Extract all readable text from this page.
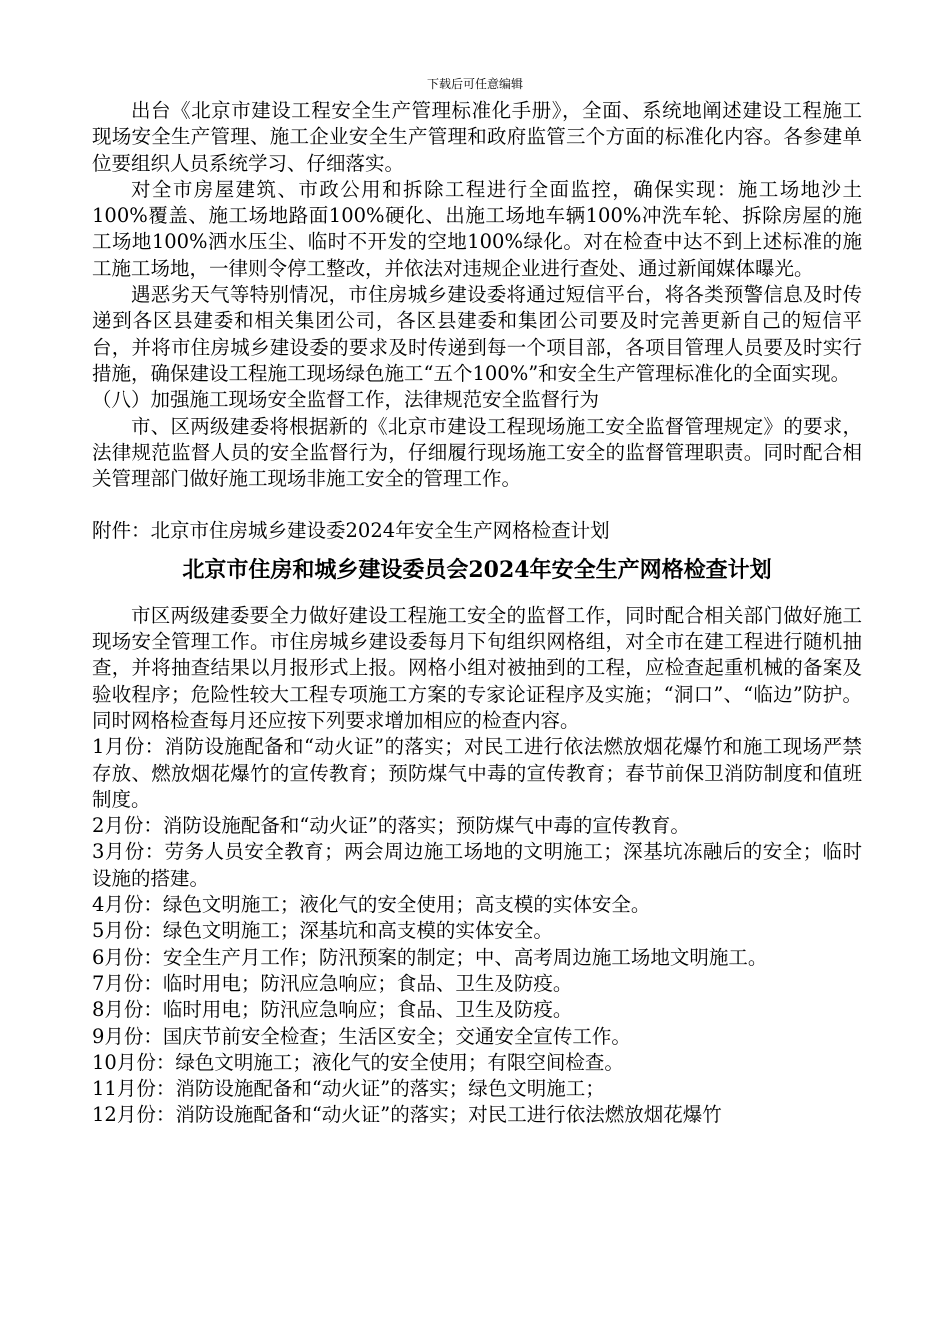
下载后可任意编辑

出台《北京市建设工程安全生产管理标准化手册》，全面、系统地阐述建设工程施工现场安全生产管理、施工企业安全生产管理和政府监管三个方面的标准化内容。各参建单位要组织人员系统学习、仔细落实。

对全市房屋建筑、市政公用和拆除工程进行全面监控，确保实现：施工场地沙土100%覆盖、施工场地路面100%硬化、出施工场地车辆100%冲洗车轮、拆除房屋的施工场地100%洒水压尘、临时不开发的空地100%绿化。对在检查中达不到上述标准的施工施工场地，一律则令停工整改，并依法对违规企业进行查处、通过新闻媒体曝光。

遇恶劣天气等特别情况，市住房城乡建设委将通过短信平台，将各类预警信息及时传递到各区县建委和相关集团公司，各区县建委和集团公司要及时完善更新自己的短信平台，并将市住房城乡建设委的要求及时传递到每一个项目部，各项目管理人员要及时实行措施，确保建设工程施工现场绿色施工“五个100%”和安全生产管理标准化的全面实现。

（八）加强施工现场安全监督工作，法律规范安全监督行为

市、区两级建委将根据新的《北京市建设工程现场施工安全监督管理规定》的要求，法律规范监督人员的安全监督行为，仔细履行现场施工安全的监督管理职责。同时配合相关管理部门做好施工现场非施工安全的管理工作。

附件：北京市住房城乡建设委2024年安全生产网格检查计划

北京市住房和城乡建设委员会2024年安全生产网格检查计划

市区两级建委要全力做好建设工程施工安全的监督工作，同时配合相关部门做好施工现场安全管理工作。市住房城乡建设委每月下旬组织网格组，对全市在建工程进行随机抽查，并将抽查结果以月报形式上报。网格小组对被抽到的工程，应检查起重机械的备案及验收程序；危险性较大工程专项施工方案的专家论证程序及实施；“洞口”、“临边”防护。同时网格检查每月还应按下列要求增加相应的检查内容。

1月份：消防设施配备和“动火证”的落实；对民工进行依法燃放烟花爆竹和施工现场严禁存放、燃放烟花爆竹的宣传教育；预防煤气中毒的宣传教育；春节前保卫消防制度和值班制度。

2月份：消防设施配备和“动火证”的落实；预防煤气中毒的宣传教育。

3月份：劳务人员安全教育；两会周边施工场地的文明施工；深基坑冻融后的安全；临时设施的搭建。

4月份：绿色文明施工；液化气的安全使用；高支模的实体安全。

5月份：绿色文明施工；深基坑和高支模的实体安全。

6月份：安全生产月工作；防汛预案的制定；中、高考周边施工场地文明施工。

7月份：临时用电；防汛应急响应；食品、卫生及防疫。

8月份：临时用电；防汛应急响应；食品、卫生及防疫。

9月份：国庆节前安全检查；生活区安全；交通安全宣传工作。

10月份：绿色文明施工；液化气的安全使用；有限空间检查。

11月份：消防设施配备和“动火证”的落实；绿色文明施工；

12月份：消防设施配备和“动火证”的落实；对民工进行依法燃放烟花爆竹
